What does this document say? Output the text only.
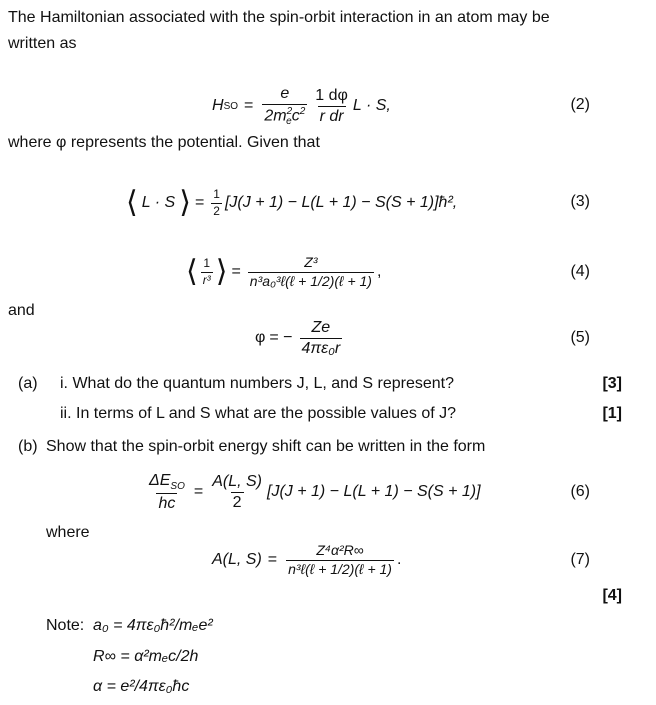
The Hamiltonian associated with the spin-orbit interaction in an atom may be
written as
H SO = $\frac{e}{2m^2_ec^2} \frac{1 d\varphi}{\text{r dr}}$ L · S,	(2)
where φ represents the potential. Given that
⟨ L · S ⟩ = $\frac{1}{2} [J(J + 1) - L(L + 1) - S(S$ + 1)]ħ²,	(3)
⟨ $\frac{1}{\text{r³}}$ ⟩ = $\frac{\text{Z³}}{\text{n³a₀³ℓ(ℓ + 1/2)(ℓ + 1)}}$ ,	(4)
and
φ = − $\frac{Ze}{\text{4πε₀r}}$	(5)
(a) i. What do the quantum numbers J, L, and S represent?	[3]
ii. In terms of L and S what are the possible values of J?	[1]
(b) Show that the spin-orbit energy shift can be written in the form
$\frac{\Delta E_{SO}}{hc} = \frac{A(L, S)}{2} [J(J + 1) - L(L + 1) - S(S + 1)]$	(6)
where
A(L, $S) = \frac{\text{Z⁴α²R∞}}{\text{n³ℓ(ℓ + 1/2)(ℓ + 1)}}$ .	(7)
[4]
Note: a₀ = 4πε₀ħ²/mₑe²
R∞ = α²mₑc/2h
α = e²/4πε₀ħc
